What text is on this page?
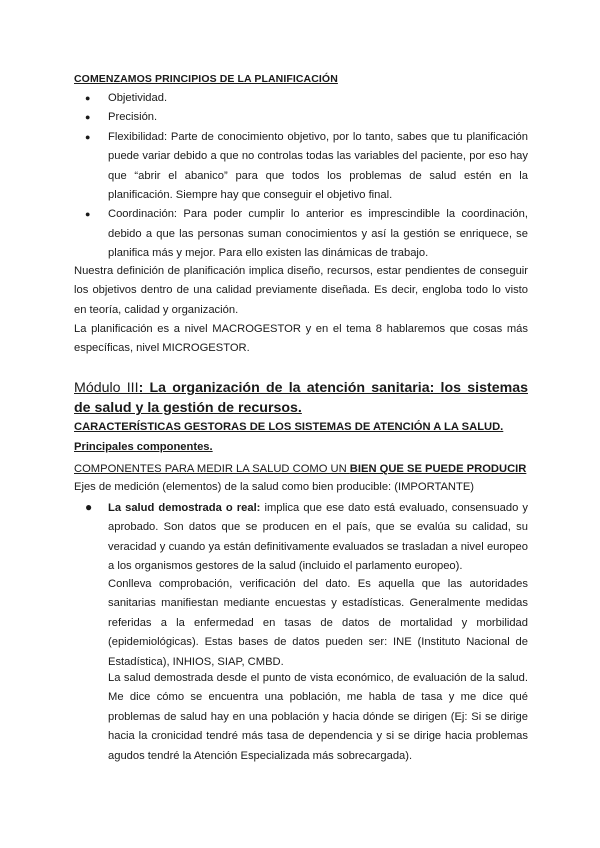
COMENZAMOS PRINCIPIOS DE LA PLANIFICACIÓN
● Objetividad.
● Precisión.
● Flexibilidad: Parte de conocimiento objetivo, por lo tanto, sabes que tu planificación puede variar debido a que no controlas todas las variables del paciente, por eso hay que “abrir el abanico” para que todos los problemas de salud estén en la planificación. Siempre hay que conseguir el objetivo final.
● Coordinación: Para poder cumplir lo anterior es imprescindible la coordinación, debido a que las personas suman conocimientos y así la gestión se enriquece, se planifica más y mejor. Para ello existen las dinámicas de trabajo.

Nuestra definición de planificación implica diseño, recursos, estar pendientes de conseguir los objetivos dentro de una calidad previamente diseñada. Es decir, engloba todo lo visto en teoría, calidad y organización.

La planificación es a nivel MACROGESTOR y en el tema 8 hablaremos que cosas más específicas, nivel MICROGESTOR.

Módulo III: La organización de la atención sanitaria: los sistemas de salud y la gestión de recursos.

CARACTERÍSTICAS GESTORAS DE LOS SISTEMAS DE ATENCIÓN A LA SALUD.

Principales componentes.

COMPONENTES PARA MEDIR LA SALUD COMO UN BIEN QUE SE PUEDE PRODUCIR

Ejes de medición (elementos) de la salud como bien producible: (IMPORTANTE)

● La salud demostrada o real: implica que ese dato está evaluado, consensuado y aprobado. Son datos que se producen en el país, que se evalúa su calidad, su veracidad y cuando ya están definitivamente evaluados se trasladan a nivel europeo a los organismos gestores de la salud (incluido el parlamento europeo).

Conlleva comprobación, verificación del dato. Es aquella que las autoridades sanitarias manifiestan mediante encuestas y estadísticas. Generalmente medidas referidas a la enfermedad en tasas de datos de mortalidad y morbilidad (epidemiológicas). Estas bases de datos pueden ser: INE (Instituto Nacional de Estadística), INHIOS, SIAP, CMBD.

La salud demostrada desde el punto de vista económico, de evaluación de la salud. Me dice cómo se encuentra una población, me habla de tasa y me dice qué problemas de salud hay en una población y hacia dónde se dirigen (Ej: Si se dirige hacia la cronicidad tendré más tasa de dependencia y si se dirige hacia problemas agudos tendré la Atención Especializada más sobrecargada).
